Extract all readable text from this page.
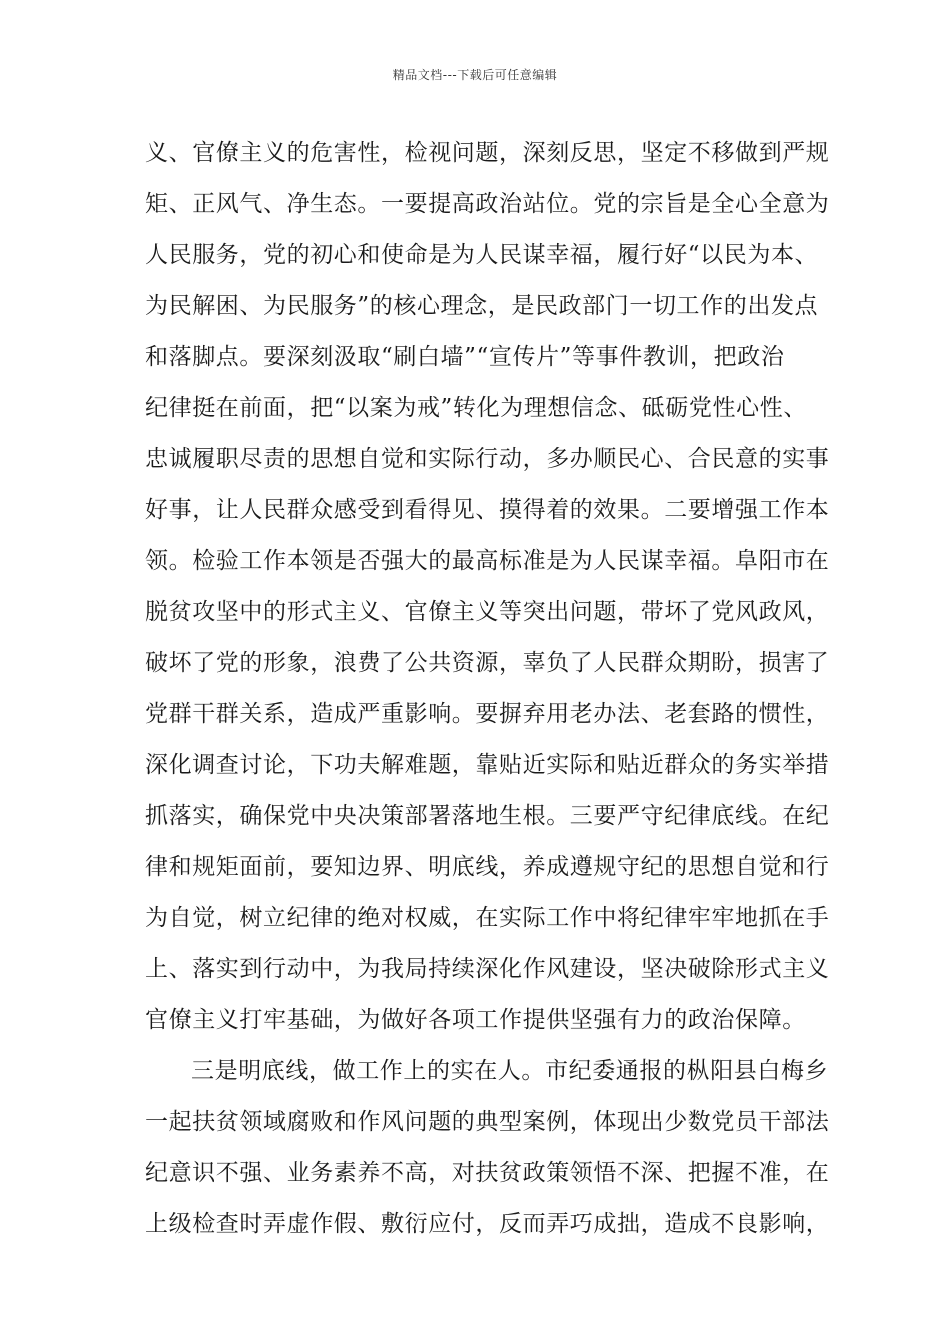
精品文档---下载后可任意编辑
义、官僚主义的危害性，检视问题，深刻反思，坚定不移做到严规
矩、正风气、净生态。一要提高政治站位。党的宗旨是全心全意为
人民服务，党的初心和使命是为人民谋幸福，履行好“以民为本、
为民解困、为民服务”的核心理念，是民政部门一切工作的出发点
和落脚点。要深刻汲取“刷白墙”“宣传片”等事件教训，把政治
纪律挺在前面，把“以案为戒”转化为理想信念、砥砺党性心性、
忠诚履职尽责的思想自觉和实际行动，多办顺民心、合民意的实事
好事，让人民群众感受到看得见、摸得着的效果。二要增强工作本
领。检验工作本领是否强大的最高标准是为人民谋幸福。阜阳市在
脱贫攻坚中的形式主义、官僚主义等突出问题，带坏了党风政风，
破坏了党的形象，浪费了公共资源，辜负了人民群众期盼，损害了
党群干群关系，造成严重影响。要摒弃用老办法、老套路的惯性，
深化调查讨论，下功夫解难题，靠贴近实际和贴近群众的务实举措
抓落实，确保党中央决策部署落地生根。三要严守纪律底线。在纪
律和规矩面前，要知边界、明底线，养成遵规守纪的思想自觉和行
为自觉，树立纪律的绝对权威，在实际工作中将纪律牢牢地抓在手
上、落实到行动中，为我局持续深化作风建设，坚决破除形式主义
官僚主义打牢基础，为做好各项工作提供坚强有力的政治保障。
三是明底线，做工作上的实在人。市纪委通报的枞阳县白梅乡
一起扶贫领域腐败和作风问题的典型案例，体现出少数党员干部法
纪意识不强、业务素养不高，对扶贫政策领悟不深、把握不准，在
上级检查时弄虚作假、敷衍应付，反而弄巧成拙，造成不良影响，
